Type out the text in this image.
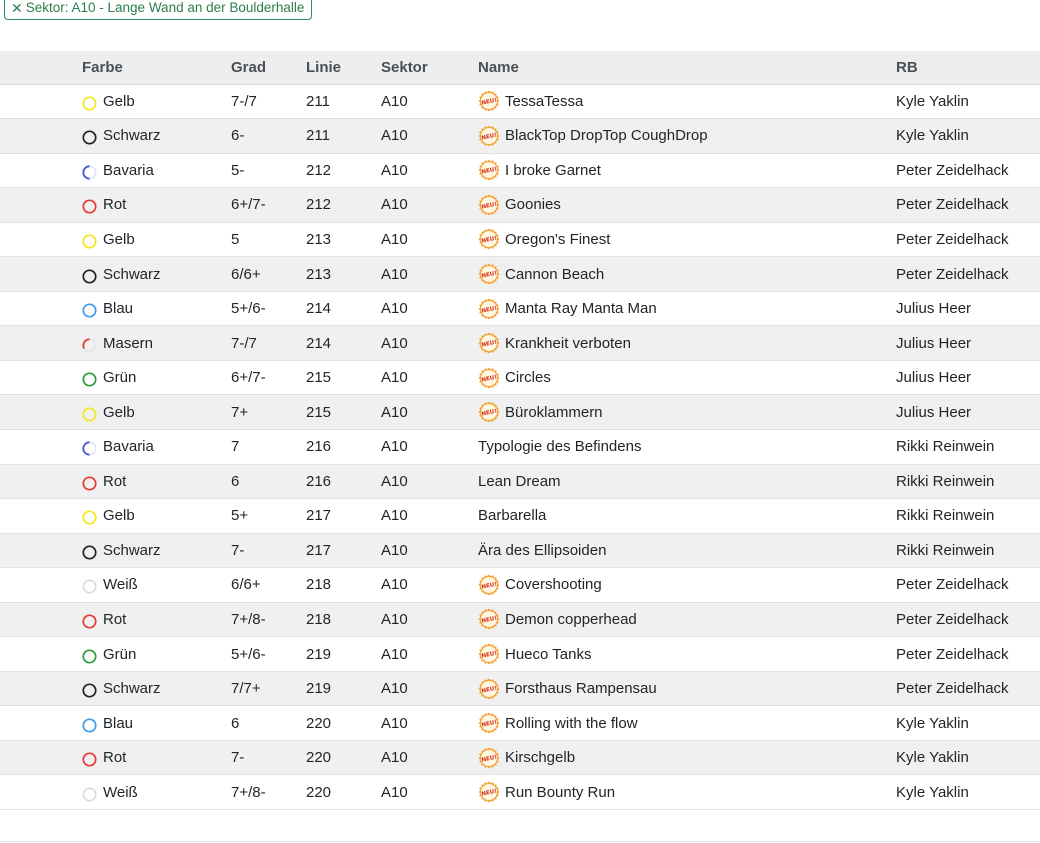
✕ Sektor: A10 - Lange Wand an der Boulderhalle
	Farbe	Grad	Linie	Sektor	Name	RB

	Gelb	7-/7	211	A10	NEU! TessaTessa	Kyle Yaklin

	Schwarz	6-	211	A10	NEU! BlackTop DropTop CoughDrop	Kyle Yaklin

	Bavaria	5-	212	A10	NEU! I broke Garnet	Peter Zeidelhack

	Rot	6+/7-	212	A10	NEU! Goonies	Peter Zeidelhack

	Gelb	5	213	A10	NEU! Oregon's Finest	Peter Zeidelhack

	Schwarz	6/6+	213	A10	NEU! Cannon Beach	Peter Zeidelhack

	Blau	5+/6-	214	A10	NEU! Manta Ray Manta Man	Julius Heer

	Masern	7-/7	214	A10	NEU! Krankheit verboten	Julius Heer

	Grün	6+/7-	215	A10	NEU! Circles	Julius Heer

	Gelb	7+	215	A10	NEU! Büroklammern	Julius Heer

	Bavaria	7	216	A10	Typologie des Befindens	Rikki Reinwein

	Rot	6	216	A10	Lean Dream	Rikki Reinwein

	Gelb	5+	217	A10	Barbarella	Rikki Reinwein

	Schwarz	7-	217	A10	Ära des Ellipsoiden	Rikki Reinwein

	Weiß	6/6+	218	A10	NEU! Covershooting	Peter Zeidelhack

	Rot	7+/8-	218	A10	NEU! Demon copperhead	Peter Zeidelhack

	Grün	5+/6-	219	A10	NEU! Hueco Tanks	Peter Zeidelhack

	Schwarz	7/7+	219	A10	NEU! Forsthaus Rampensau	Peter Zeidelhack

	Blau	6	220	A10	NEU! Rolling with the flow	Kyle Yaklin

	Rot	7-	220	A10	NEU! Kirschgelb	Kyle Yaklin

	Weiß	7+/8-	220	A10	NEU! Run Bounty Run	Kyle Yaklin
